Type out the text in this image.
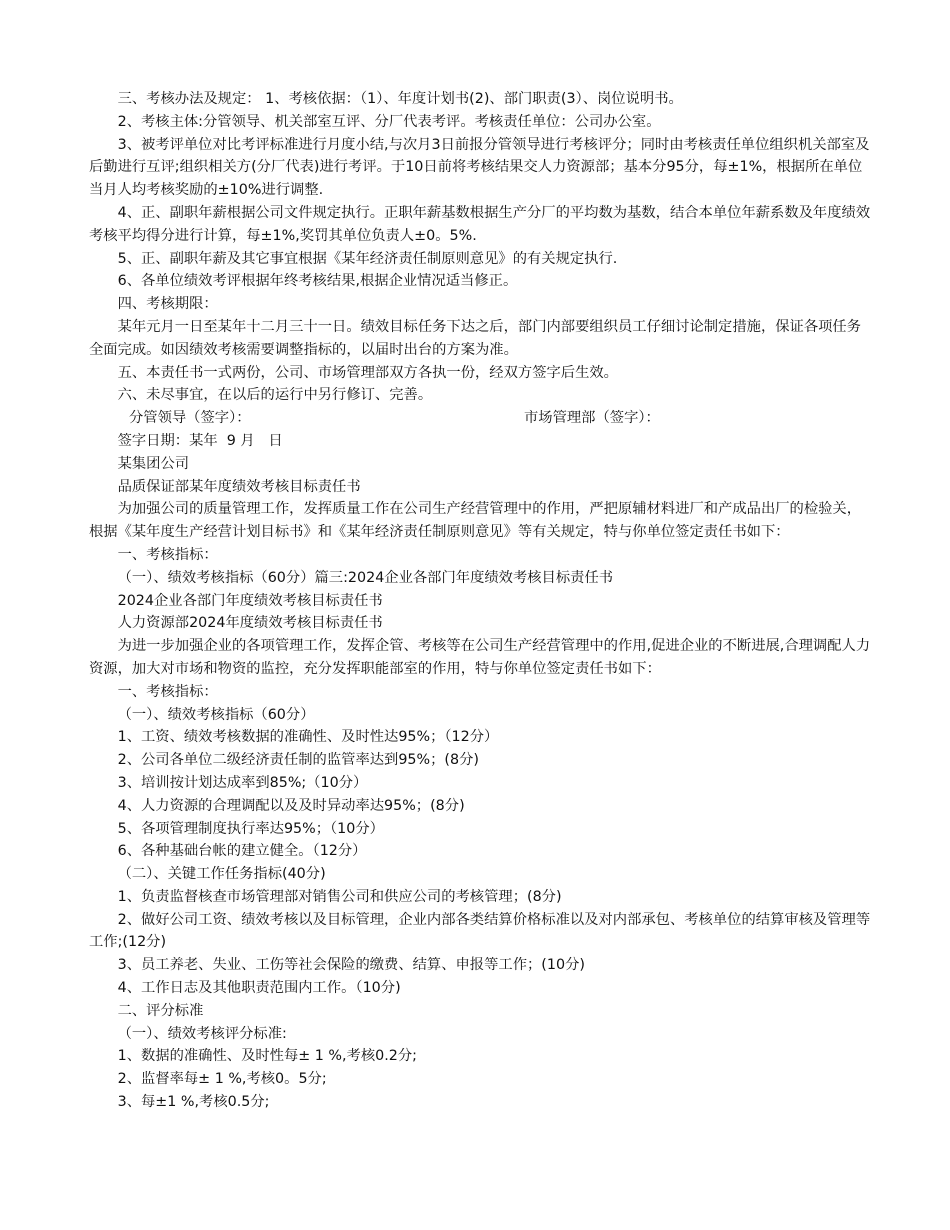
三、考核办法及规定： 1、考核依据：（1）、年度计划书(2)、部门职责(3）、岗位说明书。

2、考核主体:分管领导、机关部室互评、分厂代表考评。考核责任单位：公司办公室。

3、被考评单位对比考评标准进行月度小结,与次月3日前报分管领导进行考核评分；同时由考核责任单位组织机关部室及后勤进行互评;组织相关方(分厂代表)进行考评。于10日前将考核结果交人力资源部；基本分95分，每±1%，根据所在单位当月人均考核奖励的±10%进行调整.

4、正、副职年薪根据公司文件规定执行。正职年薪基数根据生产分厂的平均数为基数，结合本单位年薪系数及年度绩效考核平均得分进行计算，每±1%,奖罚其单位负责人±0。5%.

5、正、副职年薪及其它事宜根据《某年经济责任制原则意见》的有关规定执行.

6、各单位绩效考评根据年终考核结果,根据企业情况适当修正。

四、考核期限：

某年元月一日至某年十二月三十一日。绩效目标任务下达之后，部门内部要组织员工仔细讨论制定措施，保证各项任务全面完成。如因绩效考核需要调整指标的，以届时出台的方案为准。

五、本责任书一式两份，公司、市场管理部双方各执一份，经双方签字后生效。

六、未尽事宜，在以后的运行中另行修订、完善。

分管领导（签字）：	市场管理部（签字）：

签字日期：某年  9 月   日

某集团公司

品质保证部某年度绩效考核目标责任书

为加强公司的质量管理工作，发挥质量工作在公司生产经营管理中的作用，严把原辅材料进厂和产成品出厂的检验关，根据《某年度生产经营计划目标书》和《某年经济责任制原则意见》等有关规定，特与你单位签定责任书如下：

一、考核指标：

（一）、绩效考核指标（60分）篇三:2024企业各部门年度绩效考核目标责任书

2024企业各部门年度绩效考核目标责任书

人力资源部2024年度绩效考核目标责任书

为进一步加强企业的各项管理工作，发挥企管、考核等在公司生产经营管理中的作用,促进企业的不断进展,合理调配人力资源，加大对市场和物资的监控，充分发挥职能部室的作用，特与你单位签定责任书如下：

一、考核指标：

（一）、绩效考核指标（60分）

1、工资、绩效考核数据的准确性、及时性达95%；（12分）

2、公司各单位二级经济责任制的监管率达到95%；(8分)

3、培训按计划达成率到85%;（10分）

4、人力资源的合理调配以及及时异动率达95%；(8分)

5、各项管理制度执行率达95%；（10分）

6、各种基础台帐的建立健全。（12分）

（二）、关键工作任务指标(40分)

1、负责监督核查市场管理部对销售公司和供应公司的考核管理；(8分)

2、做好公司工资、绩效考核以及目标管理，企业内部各类结算价格标准以及对内部承包、考核单位的结算审核及管理等工作;(12分)

3、员工养老、失业、工伤等社会保险的缴费、结算、申报等工作；(10分)

4、工作日志及其他职责范围内工作。（10分)

二、评分标准

（一）、绩效考核评分标准:

1、数据的准确性、及时性每± 1 %,考核0.2分;

2、监督率每± 1 %,考核0。5分;

3、每±1 %,考核0.5分;
